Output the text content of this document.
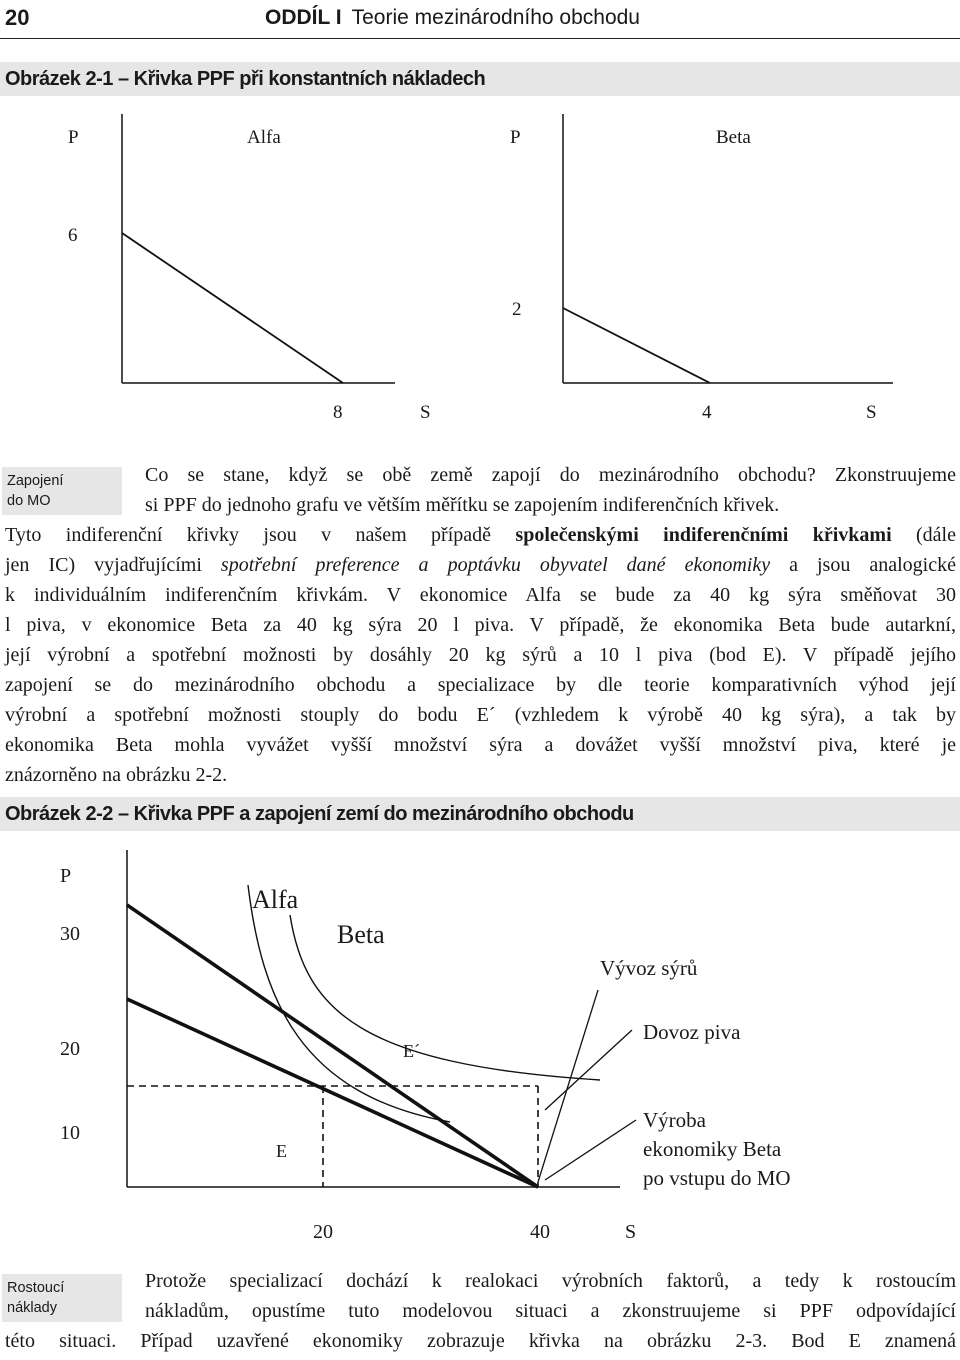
20	ODDÍL I Teorie mezinárodního obchodu
Obrázek 2-1 – Křivka PPF při konstantních nákladech
P	Alfa
6
8	S
P	Beta
2
4	S
Zapojení
do MO
Co se stane, když se obě země zapojí do mezinárodního obchodu? Zkonstruujeme
si PPF do jednoho grafu ve větším měřítku se zapojením indiferenčních křivek.
Tyto indiferenční křivky jsou v našem případě společenskými indiferenčními křivkami (dále
jen IC) vyjadřujícími spotřební preference a poptávku obyvatel dané ekonomiky a jsou analogické
k individuálním indiferenčním křivkám. V ekonomice Alfa se bude za 40 kg sýra směňovat 30
l piva, v ekonomice Beta za 40 kg sýra 20 l piva. V případě, že ekonomika Beta bude autarkní,
její výrobní a spotřební možnosti by dosáhly 20 kg sýrů a 10 l piva (bod E). V případě jejího
zapojení se do mezinárodního obchodu a specializace by dle teorie komparativních výhod její
výrobní a spotřební možnosti stouply do bodu E´ (vzhledem k výrobě 40 kg sýra), a tak by
ekonomika Beta mohla vyvážet vyšší množství sýra a dovážet vyšší množství piva, které je
znázorněno na obrázku 2-2.
Obrázek 2-2 – Křivka PPF a zapojení zemí do mezinárodního obchodu
P
30
20
10
20	40	S
Alfa
Beta
E´
E
Vývoz sýrů
Dovoz piva
Výroba
ekonomiky Beta
po vstupu do MO
Rostoucí
náklady
Protože specializací dochází k realokaci výrobních faktorů, a tedy k rostoucím
nákladům, opustíme tuto modelovou situaci a zkonstruujeme si PPF odpovídající
této situaci. Případ uzavřené ekonomiky zobrazuje křivka na obrázku 2-3. Bod E znamená
